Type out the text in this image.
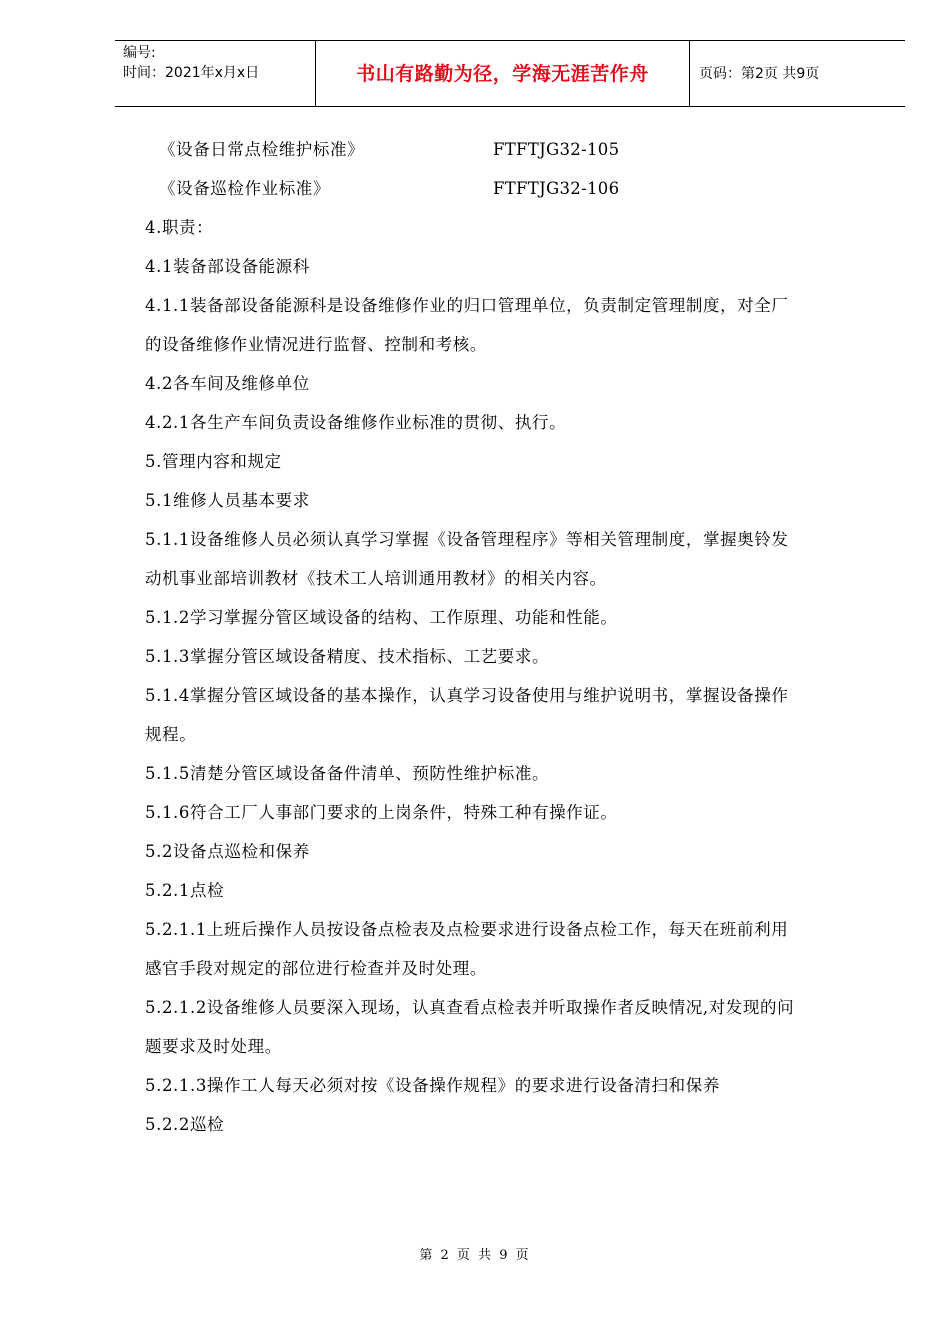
编号:
时间：2021年x月x日	书山有路勤为径，学海无涯苦作舟	页码：第2页 共9页
《设备日常点检维护标准》	FTFTJG32-105
《设备巡检作业标准》	FTFTJG32-106
4.职责：
4.1装备部设备能源科
4.1.1装备部设备能源科是设备维修作业的归口管理单位，负责制定管理制度，对全厂
的设备维修作业情况进行监督、控制和考核。
4.2各车间及维修单位
4.2.1各生产车间负责设备维修作业标准的贯彻、执行。
5.管理内容和规定
5.1维修人员基本要求
5.1.1设备维修人员必须认真学习掌握《设备管理程序》等相关管理制度，掌握奥铃发
动机事业部培训教材《技术工人培训通用教材》的相关内容。
5.1.2学习掌握分管区域设备的结构、工作原理、功能和性能。
5.1.3掌握分管区域设备精度、技术指标、工艺要求。
5.1.4掌握分管区域设备的基本操作，认真学习设备使用与维护说明书，掌握设备操作
规程。
5.1.5清楚分管区域设备备件清单、预防性维护标准。
5.1.6符合工厂人事部门要求的上岗条件，特殊工种有操作证。
5.2设备点巡检和保养
5.2.1点检
5.2.1.1上班后操作人员按设备点检表及点检要求进行设备点检工作，每天在班前利用
感官手段对规定的部位进行检查并及时处理。
5.2.1.2设备维修人员要深入现场，认真查看点检表并听取操作者反映情况,对发现的问
题要求及时处理。
5.2.1.3操作工人每天必须对按《设备操作规程》的要求进行设备清扫和保养
5.2.2巡检
第 2 页 共 9 页
